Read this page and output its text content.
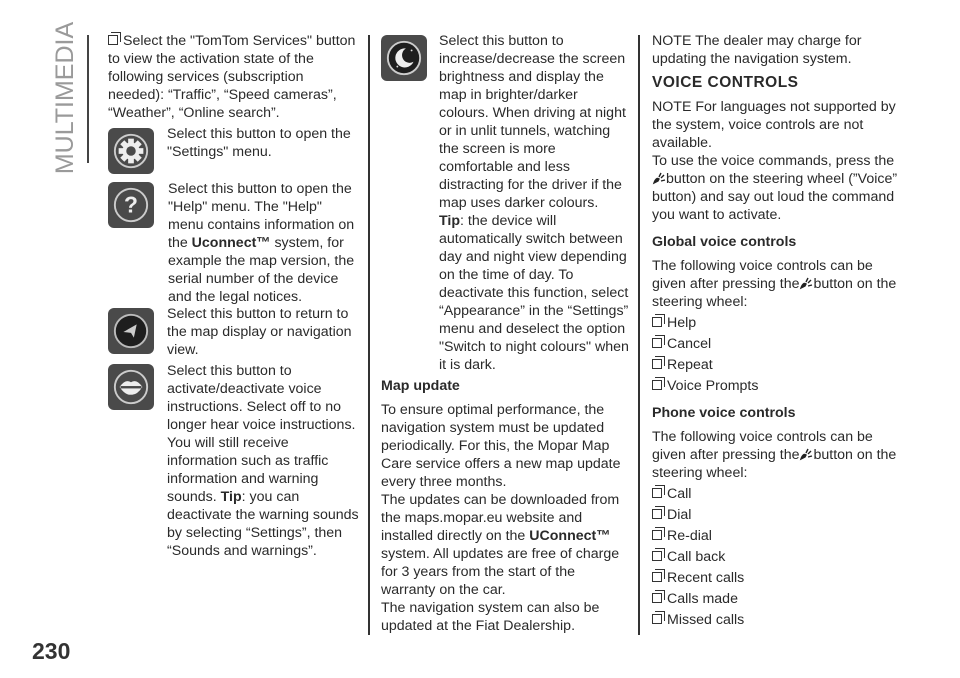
MULTIMEDIA
230
Select the "TomTom Services" button to view the activation state of the following services (subscription needed): “Traffic”, “Speed cameras”, “Weather”, “Online search”.
Select this button to open the "Settings" menu.
?
Select this button to open the "Help" menu. The "Help" menu contains information on the Uconnect™ system, for example the map version, the serial number of the device and the legal notices.
Select this button to return to the map display or navigation view.
Select this button to activate/deactivate voice instructions. Select off to no longer hear voice instructions. You will still receive information such as traffic information and warning sounds. Tip: you can deactivate the warning sounds by selecting “Settings”, then “Sounds and warnings”.
Select this button to increase/decrease the screen brightness and display the map in brighter/darker colours. When driving at night or in unlit tunnels, watching the screen is more comfortable and less distracting for the driver if the map uses darker colours.
Tip: the device will automatically switch between day and night view depending on the time of day. To deactivate this function, select “Appearance” in the “Settings” menu and deselect the option "Switch to night colours" when it is dark.
Map update
To ensure optimal performance, the navigation system must be updated periodically. For this, the Mopar Map Care service offers a new map update every three months.
The updates can be downloaded from the maps.mopar.eu website and installed directly on the UConnect™ system. All updates are free of charge for 3 years from the start of the warranty on the car.
The navigation system can also be updated at the Fiat Dealership.

NOTE The dealer may charge for updating the navigation system.

VOICE CONTROLS

NOTE For languages not supported by the system, voice controls are not available.
To use the voice commands, press the button on the steering wheel (”Voice” button) and say out loud the command you want to activate.

Global voice controls

The following voice controls can be given after pressing the button on the steering wheel:

Help
Cancel
Repeat
Voice Prompts
Phone voice controls

The following voice controls can be given after pressing the button on the steering wheel:

Call
Dial
Re-dial
Call back
Recent calls
Calls made
Missed calls
